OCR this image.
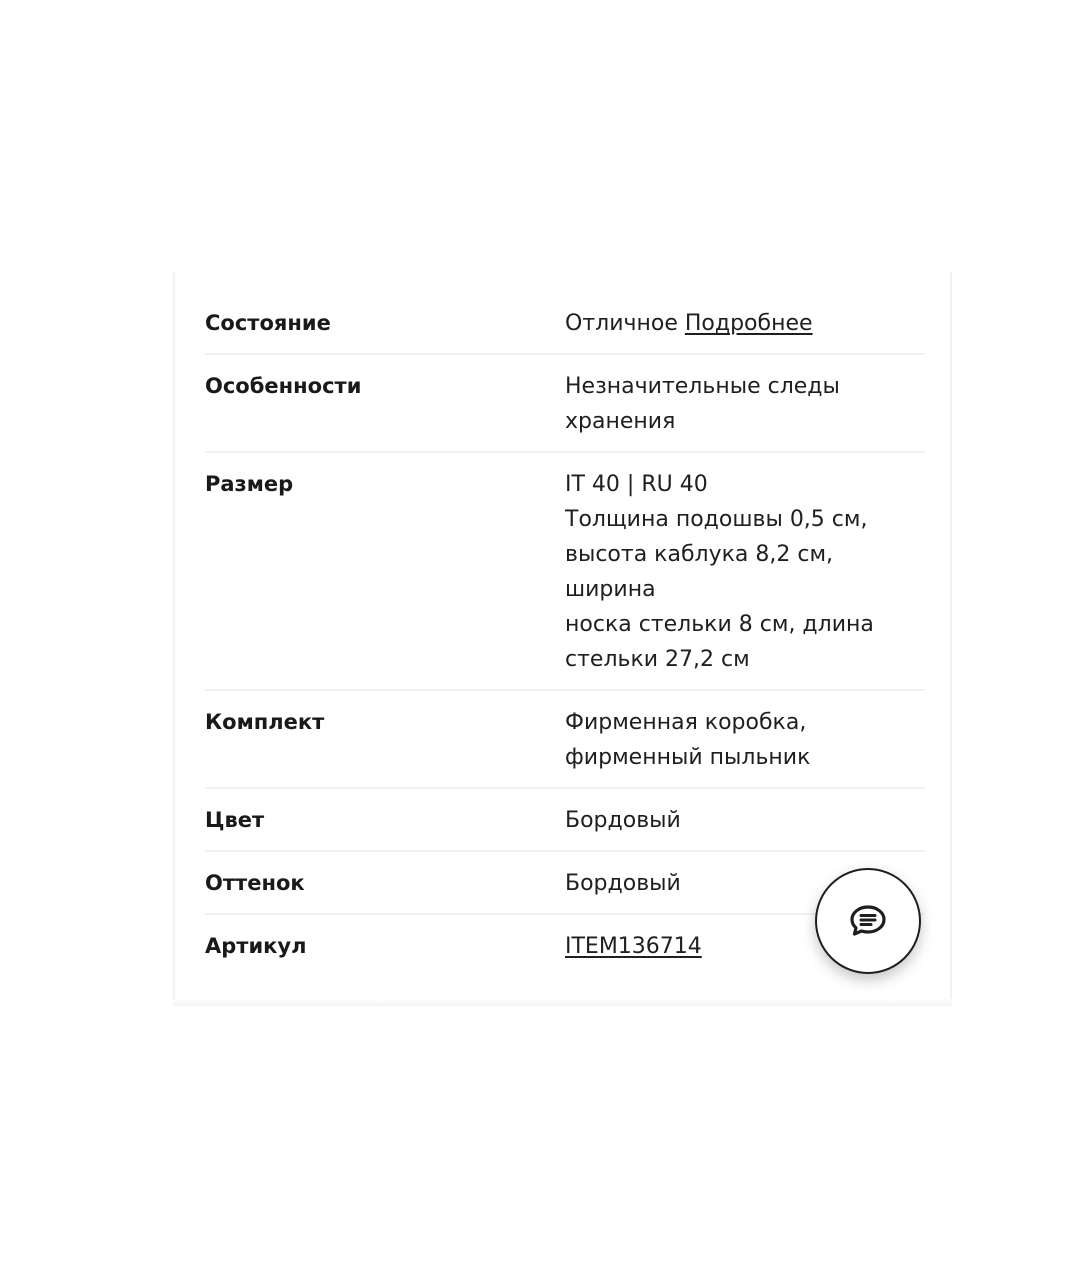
Состояние	Отличное Подробнее
Особенности	Незначительные следы
хранения
Размер	IT 40 | RU 40
Толщина подошвы 0,5 см,
высота каблука 8,2 см, ширина
носка стельки 8 см, длина
стельки 27,2 см
Комплект	Фирменная коробка,
фирменный пыльник
Цвет	Бордовый
Оттенок	Бордовый
Артикул	ITEM136714
